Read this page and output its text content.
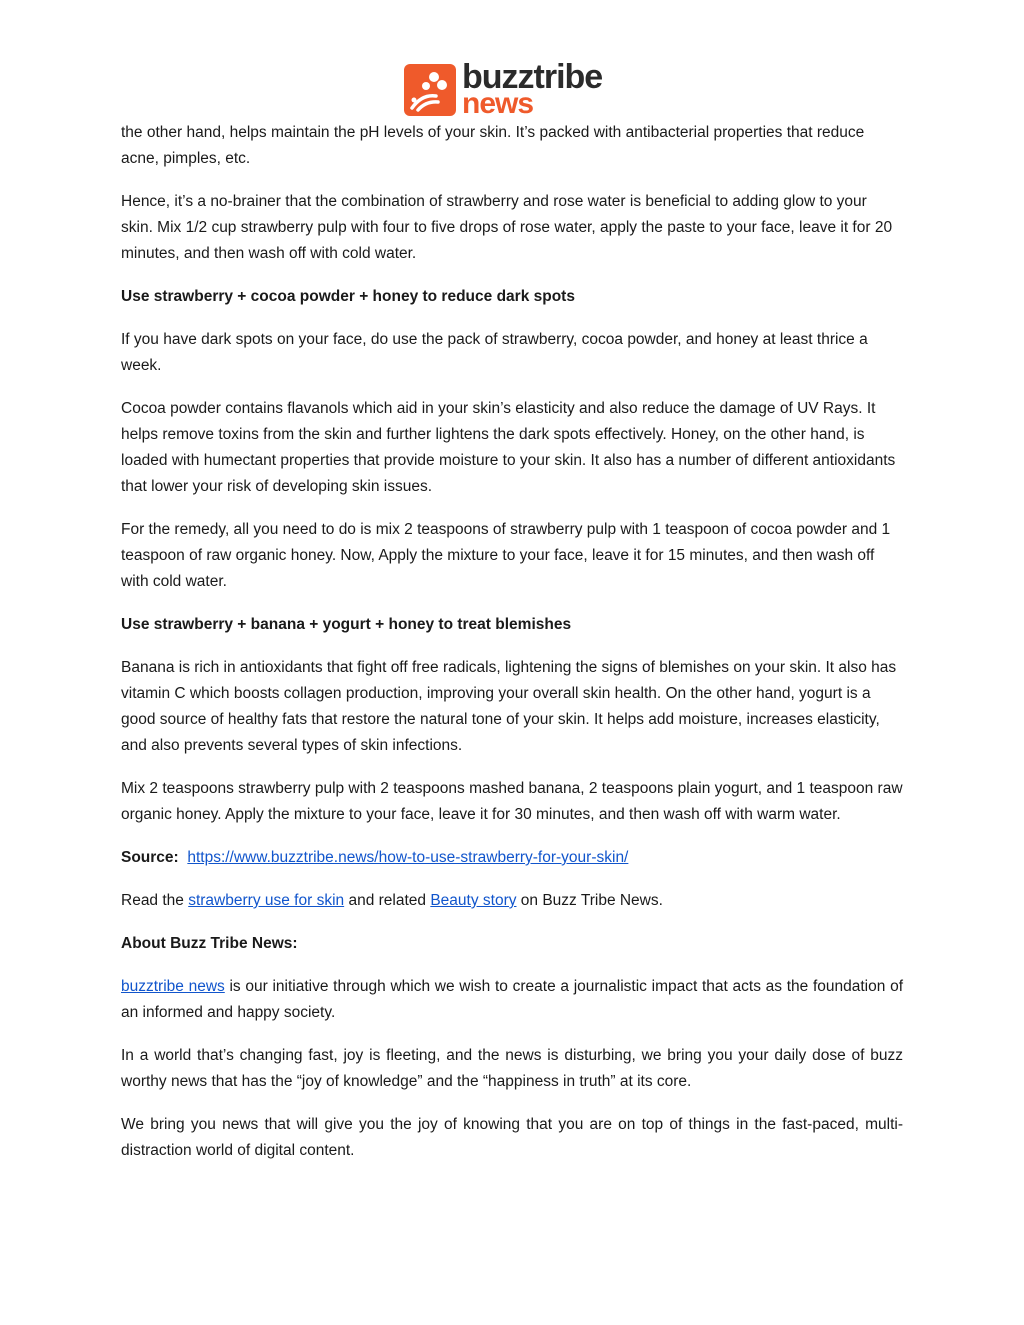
buzztribe
news

the other hand, helps maintain the pH levels of your skin. It’s packed with antibacterial properties that reduce acne, pimples, etc.

Hence, it’s a no-brainer that the combination of strawberry and rose water is beneficial to adding glow to your skin. Mix 1/2 cup strawberry pulp with four to five drops of rose water, apply the paste to your face, leave it for 20 minutes, and then wash off with cold water.

Use strawberry + cocoa powder + honey to reduce dark spots

If you have dark spots on your face, do use the pack of strawberry, cocoa powder, and honey at least thrice a week.

Cocoa powder contains flavanols which aid in your skin’s elasticity and also reduce the damage of UV Rays. It helps remove toxins from the skin and further lightens the dark spots effectively. Honey, on the other hand, is loaded with humectant properties that provide moisture to your skin. It also has a number of different antioxidants that lower your risk of developing skin issues.

For the remedy, all you need to do is mix 2 teaspoons of strawberry pulp with 1 teaspoon of cocoa powder and 1 teaspoon of raw organic honey. Now, Apply the mixture to your face, leave it for 15 minutes, and then wash off with cold water.

Use strawberry + banana + yogurt + honey to treat blemishes

Banana is rich in antioxidants that fight off free radicals, lightening the signs of blemishes on your skin. It also has vitamin C which boosts collagen production, improving your overall skin health. On the other hand, yogurt is a good source of healthy fats that restore the natural tone of your skin. It helps add moisture, increases elasticity, and also prevents several types of skin infections.

Mix 2 teaspoons strawberry pulp with 2 teaspoons mashed banana, 2 teaspoons plain yogurt, and 1 teaspoon raw organic honey. Apply the mixture to your face, leave it for 30 minutes, and then wash off with warm water.

Source: https://www.buzztribe.news/how-to-use-strawberry-for-your-skin/

Read the strawberry use for skin and related Beauty story on Buzz Tribe News.

About Buzz Tribe News:

buzztribe news is our initiative through which we wish to create a journalistic impact that acts as the foundation of an informed and happy society.

In a world that’s changing fast, joy is fleeting, and the news is disturbing, we bring you your daily dose of buzz worthy news that has the “joy of knowledge” and the “happiness in truth” at its core.

We bring you news that will give you the joy of knowing that you are on top of things in the fast-paced, multi-distraction world of digital content.
